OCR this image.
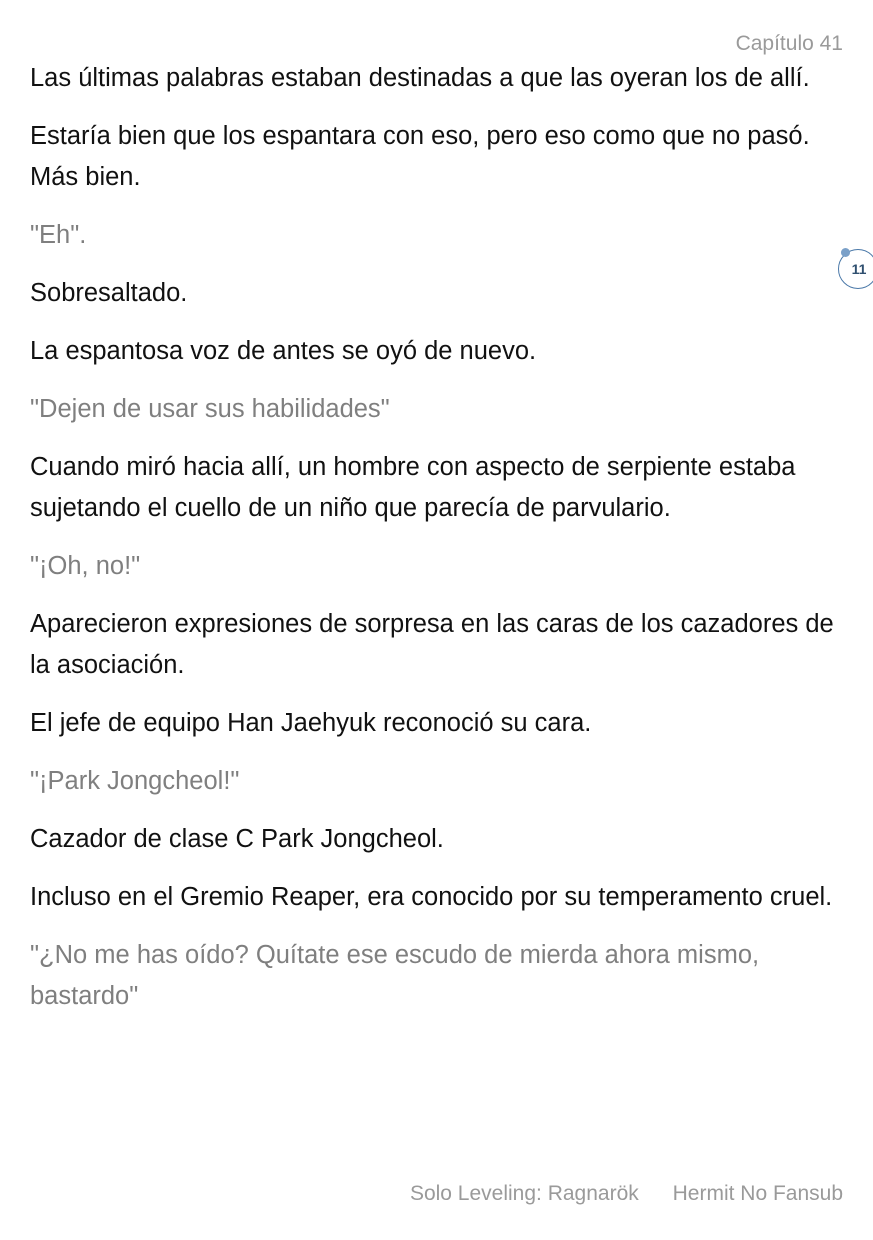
Capítulo 41

Las últimas palabras estaban destinadas a que las oyeran los de allí.

Estaría bien que los espantara con eso, pero eso como que no pasó. Más bien.

"Eh".

Sobresaltado.

La espantosa voz de antes se oyó de nuevo.

"Dejen de usar sus habilidades"

Cuando miró hacia allí, un hombre con aspecto de serpiente estaba sujetando el cuello de un niño que parecía de parvulario.

"¡Oh, no!"

Aparecieron expresiones de sorpresa en las caras de los cazadores de la asociación.

El jefe de equipo Han Jaehyuk reconoció su cara.

"¡Park Jongcheol!"

Cazador de clase C Park Jongcheol.

Incluso en el Gremio Reaper, era conocido por su temperamento cruel.

"¿No me has oído? Quítate ese escudo de mierda ahora mismo, bastardo"

11
Solo Leveling: Ragnarök Hermit No Fansub
